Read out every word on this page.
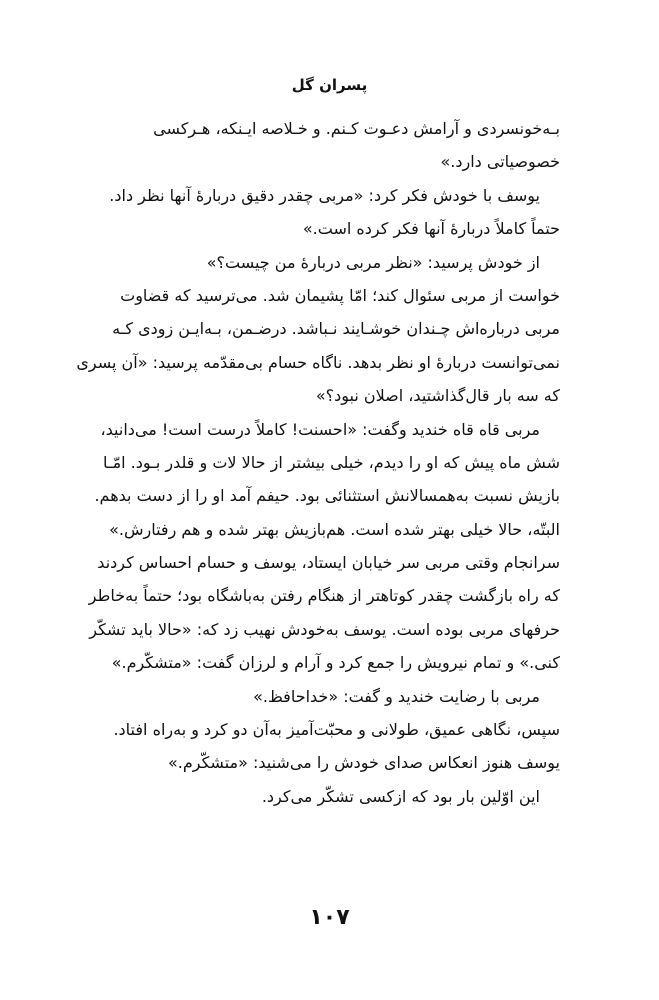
پسران گل
بـه‌خونسردی و آرامش دعـوت کـنم. و خـلاصه ایـنکه، هـرکسی
خصوصیاتی دارد.»
یوسف با خودش فکر کرد: «مربی چقدر دقیق دربارهٔ آنها نظر داد.
حتماً کاملاً دربارهٔ آنها فکر کرده است.»
از خودش پرسید: «نظر مربی دربارهٔ من چیست؟»
خواست از مربی سئوال کند؛ امّا پشیمان شد. می‌ترسید که قضاوت
مربی درباره‌اش چـندان خوشـایند نـباشد. درضـمن، بـه‌ایـن زودی کـه
نمی‌توانست دربارهٔ او نظر بدهد. ناگاه حسام بی‌مقدّمه پرسید: «آن پسری
که سه بار قال‌گذاشتید، اصلان نبود؟»
مربی قاه قاه خندید وگفت: «احسنت! کاملاً درست است! می‌دانید،
شش ماه پیش‌ که او را دیدم، خیلی بیشتر از حالا لات و قلدر بـود. امّـا
بازیش نسبت به‌همسالانش استثنائی بود. حیفم آمد او را از دست بدهم.
البتّه، حالا خیلی بهتر شده است. هم‌بازیش بهتر شده و هم رفتارش.»
سرانجام وقتی مربی سر خیابان ایستاد، یوسف و حسام احساس کردند
که راه بازگشت چقدر کوتاهتر از هنگام رفتن به‌باشگاه بود؛ حتماً به‌خاطر
حرفهای مربی بوده است. یوسف به‌خودش نهیب زد که: «حالا باید تشکّر
کنی.» و تمام نیرویش را جمع کرد و آرام و لرزان گفت: «متشکّرم.»
مربی با رضایت خندید و گفت: «خداحافظ.»
سپس، نگاهی عمیق، طولانی و محبّت‌آمیز به‌آن دو کرد و به‌راه افتاد.
یوسف هنوز انعکاس صدای خودش را می‌شنید: «متشکّرم.»
این اوّلین بار بود که ازکسی تشکّر می‌کرد.
۱۰۷
